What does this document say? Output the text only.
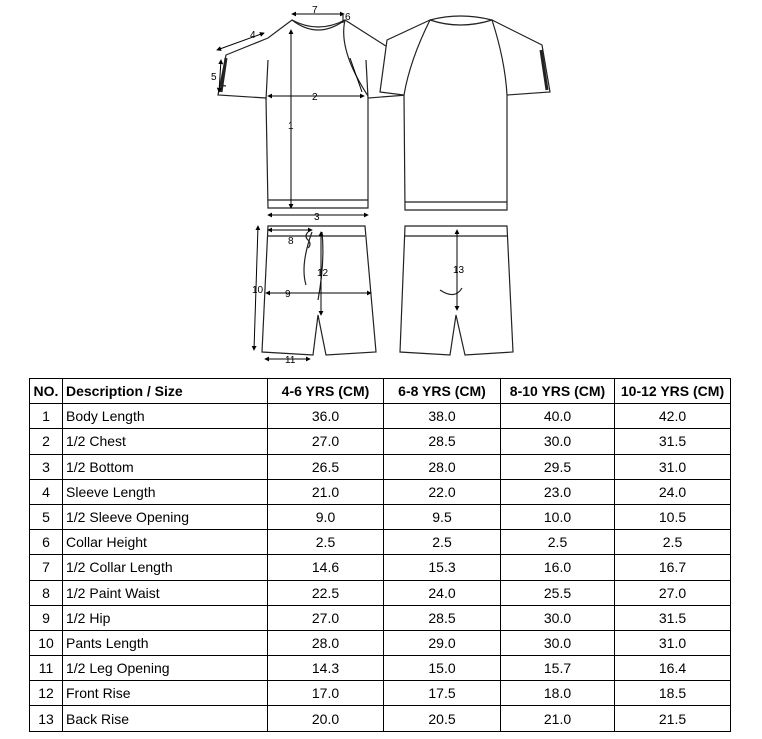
1
2
3
4
5
6
7
8
9
10
11
12	13
NO.	Description / Size	4-6 YRS (CM)	6-8 YRS (CM)	8-10 YRS (CM)	10-12 YRS (CM)
1	Body Length	36.0	38.0	40.0	42.0
2	1/2 Chest	27.0	28.5	30.0	31.5
3	1/2 Bottom	26.5	28.0	29.5	31.0
4	Sleeve Length	21.0	22.0	23.0	24.0
5	1/2 Sleeve Opening	9.0	9.5	10.0	10.5
6	Collar Height	2.5	2.5	2.5	2.5
7	1/2 Collar Length	14.6	15.3	16.0	16.7
8	1/2 Paint Waist	22.5	24.0	25.5	27.0
9	1/2 Hip	27.0	28.5	30.0	31.5
10	Pants Length	28.0	29.0	30.0	31.0
11	1/2 Leg Opening	14.3	15.0	15.7	16.4
12	Front Rise	17.0	17.5	18.0	18.5
13	Back Rise	20.0	20.5	21.0	21.5
